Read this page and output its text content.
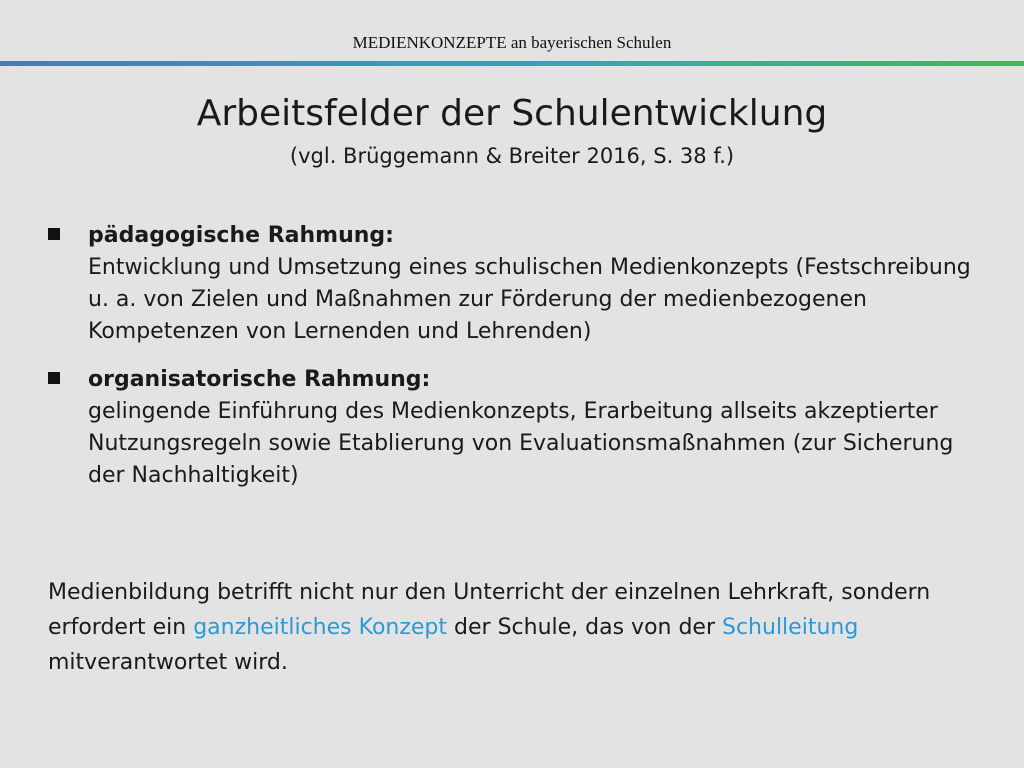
MEDIENKONZEPTE an bayerischen Schulen
Arbeitsfelder der Schulentwicklung
(vgl. Brüggemann & Breiter 2016, S. 38 f.)
pädagogische Rahmung:
Entwicklung und Umsetzung eines schulischen Medienkonzepts (Festschreibung u. a. von Zielen und Maßnahmen zur Förderung der medienbezogenen Kompetenzen von Lernenden und Lehrenden)
organisatorische Rahmung:
gelingende Einführung des Medienkonzepts, Erarbeitung allseits akzeptierter Nutzungsregeln sowie Etablierung von Evaluationsmaßnahmen (zur Sicherung der Nachhaltigkeit)
Medienbildung betrifft nicht nur den Unterricht der einzelnen Lehrkraft, sondern erfordert ein ganzheitliches Konzept der Schule, das von der Schulleitung mitverantwortet wird.
